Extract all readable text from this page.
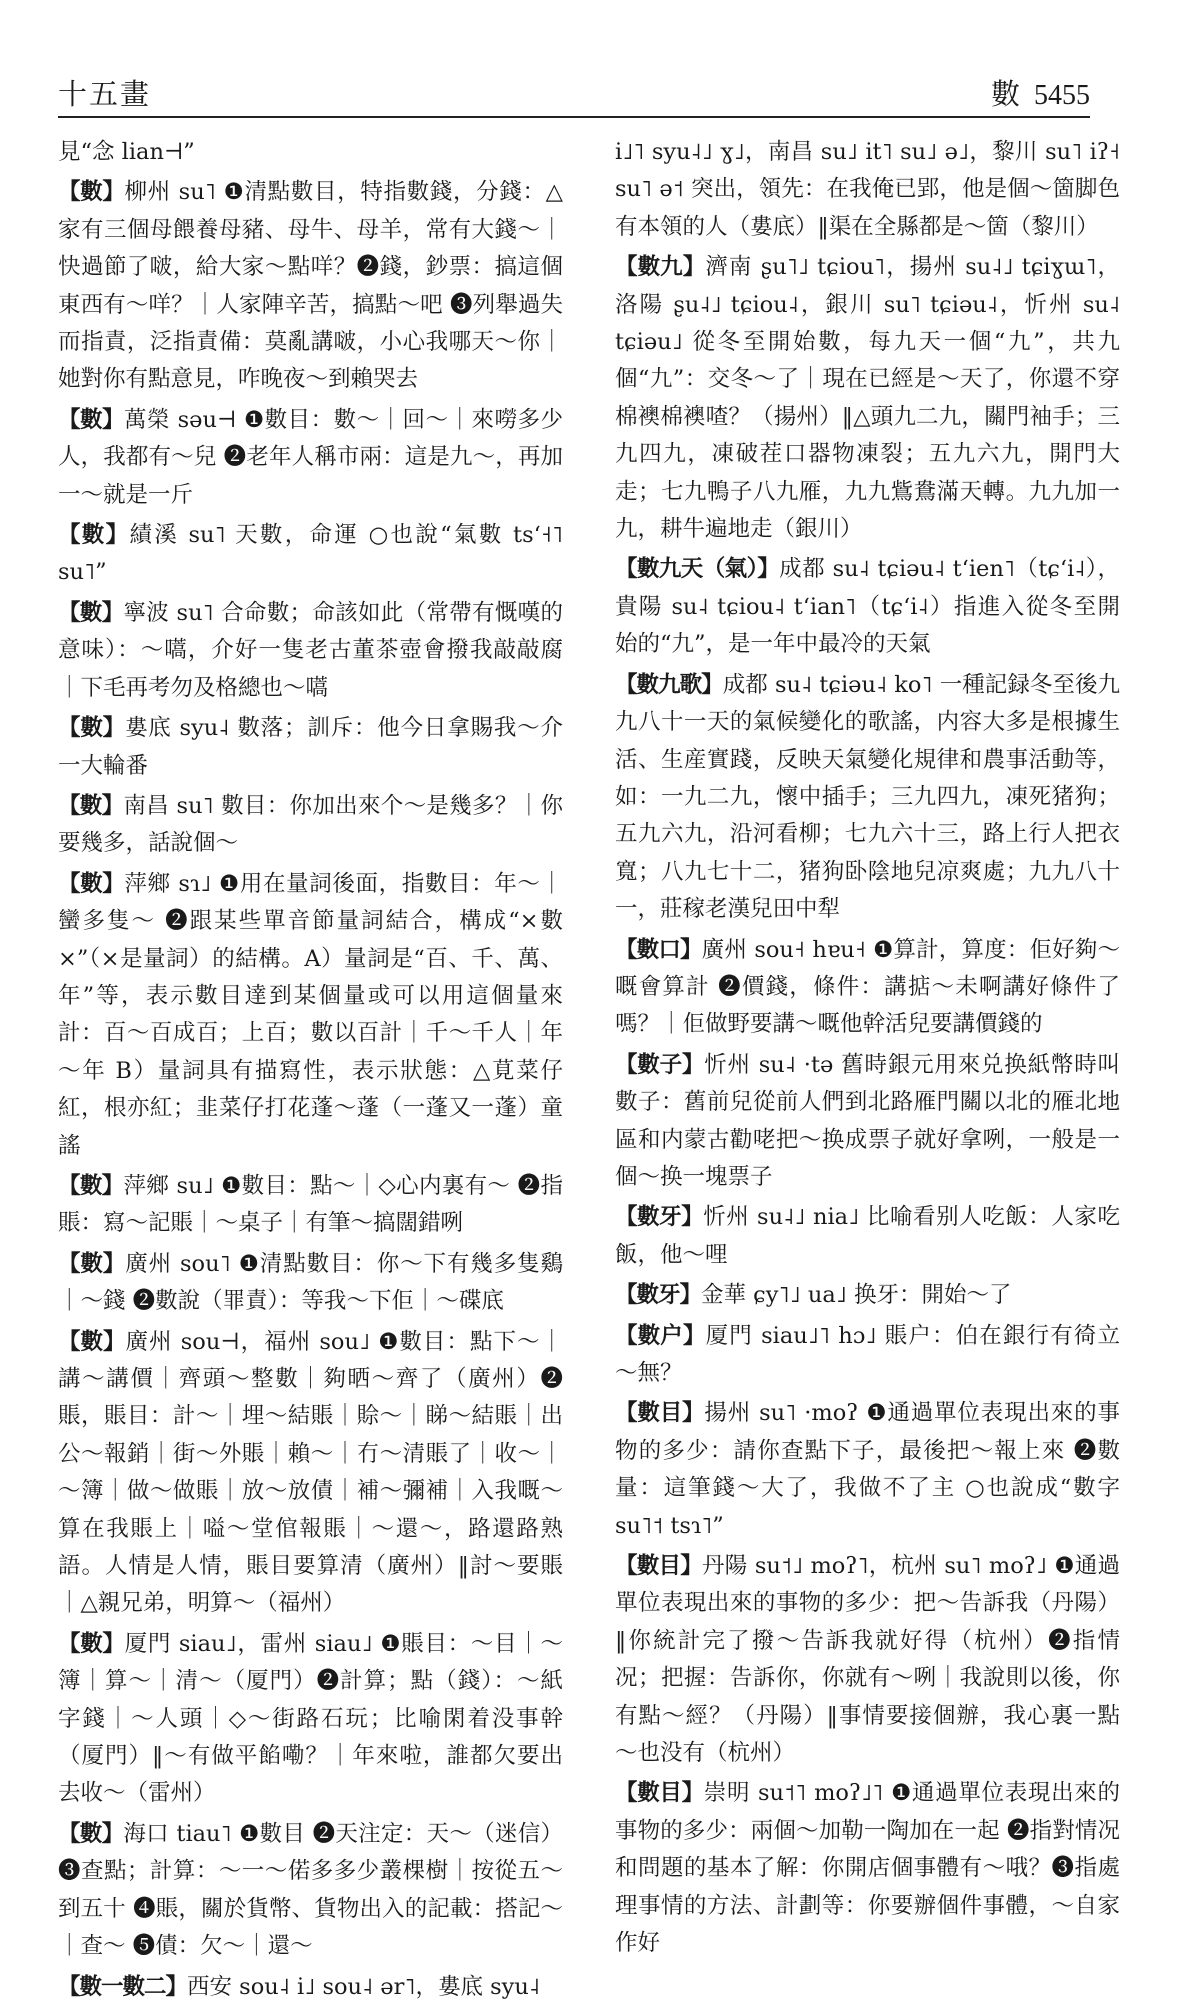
十五畫	數 5455

見“念 lian⊣”

【數】柳州 su˥ ❶清點數目，特指數錢，分錢：△家有三個母餵養母豬、母牛、母羊，常有大錢～｜快過節了啵，給大家～點咩？❷錢，鈔票：搞這個東西有～咩？｜人家陣辛苦，搞點～吧 ❸列舉過失而指責，泛指責備：莫亂講啵，小心我哪天～你｜她對你有點意見，咋晚夜～到賴哭去

【數】萬榮 səu⊣ ❶數目：數～｜回～｜來嘮多少人，我都有～兒 ❷老年人稱市兩：這是九～，再加一～就是一斤

【數】績溪 su˥ 天數，命運 ○也說“氣數 tsʻ˧˥ su˥”

【數】寧波 su˥ 合命數；命該如此（常帶有慨嘆的意味）：～嚆，介好一隻老古董茶壺會撥我敲敲腐｜下毛再考勿及格總也～嚆

【數】婁底 syu˨ 數落；訓斥：他今日拿賜我～介一大輪番

【數】南昌 su˥ 數目：你加出來个～是幾多？｜你要幾多，話說個～

【數】萍鄉 sɿ˩ ❶用在量詞後面，指數目：年～｜蠻多隻～ ❷跟某些單音節量詞結合，構成“×數×”（×是量詞）的結構。A）量詞是“百、千、萬、年”等，表示數目達到某個量或可以用這個量來計：百～百成百；上百；數以百計｜千～千人｜年～年 B）量詞具有描寫性，表示狀態：△莧菜仔紅，根亦紅；韭菜仔打花蓬～蓬（一蓬又一蓬）童謠

【數】萍鄉 su˩ ❶數目：點～｜◇心内裏有～ ❷指賬：寫～記賬｜～桌子｜有筆～搞闊錯咧

【數】廣州 sou˥ ❶清點數目：你～下有幾多隻鷄｜～錢 ❷數說（罪責）：等我～下佢｜～碟底

【數】廣州 sou⊣，福州 sou˩ ❶數目：點下～｜講～講價｜齊頭～整數｜夠晒～齊了（廣州）❷賬，賬目：計～｜埋～結賬｜賒～｜睇～結賬｜出公～報銷｜街～外賬｜賴～｜冇～清賬了｜收～｜～簿｜做～做賬｜放～放債｜補～彌補｜入我嘅～算在我賬上｜嗌～堂倌報賬｜～還～，路還路熟語。人情是人情，賬目要算清（廣州）‖討～要賬｜△親兄弟，明算～（福州）

【數】厦門 siau˩，雷州 siau˩ ❶賬目：～目｜～簿｜算～｜清～（厦門）❷計算；點（錢）：～紙字錢｜～人頭｜◇～街路石玩；比喻閑着没事幹（厦門）‖～有做平餡嘞？｜年來啦，誰都欠要出去收～（雷州）

【數】海口 tiau˥ ❶數目 ❷天注定：天～（迷信）❸查點；計算：～一～偌多多少叢棵樹｜按從五～到五十 ❹賬，關於貨幣、貨物出入的記載：搭記～｜查～ ❺債：欠～｜還～

【數一數二】西安 sou˨ i˩ sou˨ ər˥，婁底 syu˨

i˩˥ syu˨˩ ɣ˩，南昌 su˩ it˥ su˩ ə˩，黎川 su˥ iʔ˧ su˥ ə˦ 突出，領先：在我俺已郢，他是個～箇脚色有本領的人（婁底）‖渠在全縣都是～箇（黎川）

【數九】濟南 ʂu˥˩ tɕiou˥，揚州 su˨˩ tɕiɣɯ˥，洛陽 ʂu˨˩ tɕiou˨，銀川 su˥ tɕiəu˨，忻州 su˨ tɕiəu˩ 從冬至開始數，每九天一個“九”，共九個“九”：交冬～了｜現在已經是～天了，你還不穿棉襖棉襖喳？（揚州）‖△頭九二九，關門袖手；三九四九，凍破茬口器物凍裂；五九六九，開門大走；七九鴨子八九雁，九九鴜鴦滿天轉。九九加一九，耕牛遍地走（銀川）

【數九天（氣）】成都 su˨ tɕiəu˨ tʻien˥（tɕʻi˨），貴陽 su˨ tɕiou˨ tʻian˥（tɕʻi˨）指進入從冬至開始的“九”，是一年中最冷的天氣

【數九歌】成都 su˨ tɕiəu˨ ko˥ 一種記録冬至後九九八十一天的氣候變化的歌謠，内容大多是根據生活、生産實踐，反映天氣變化規律和農事活動等，如：一九二九，懷中插手；三九四九，凍死猪狗；五九六九，沿河看柳；七九六十三，路上行人把衣寬；八九七十二，猪狗卧陰地兒凉爽處；九九八十一，莊稼老漢兒田中犁

【數口】廣州 sou˧ hɐu˧ ❶算計，算度：佢好夠～嘅會算計 ❷價錢，條件：講掂～未啊講好條件了嗎？｜佢做野要講～嘅他幹活兒要講價錢的

【數子】忻州 su˨ ·tə 舊時銀元用來兑换紙幣時叫數子：舊前兒從前人們到北路雁門關以北的雁北地區和内蒙古勸咾把～换成票子就好拿咧，一般是一個～换一塊票子

【數牙】忻州 su˨˩ nia˩ 比喻看别人吃飯：人家吃飯，他～哩

【數牙】金華 ɕy˥˩ ua˩ 换牙：開始～了

【數户】厦門 siau˩˥ hɔ˩ 賬户：伯在銀行有徛立～無？

【數目】揚州 su˥ ·moʔ ❶通過單位表現出來的事物的多少：請你查點下子，最後把～報上來 ❷數量：這筆錢～大了，我做不了主 ○也說成“數字 su˥˦ tsɿ˥”

【數目】丹陽 su˦˩ moʔ˥，杭州 su˥ moʔ˩ ❶通過單位表現出來的事物的多少：把～告訴我（丹陽）‖你統計完了撥～告訴我就好得（杭州）❷指情况；把握：告訴你，你就有～咧｜我說則以後，你有點～經？（丹陽）‖事情要接個辦，我心裏一點～也没有（杭州）

【數目】崇明 su˦˥ moʔ˩˥ ❶通過單位表現出來的事物的多少：兩個～加勒一陶加在一起 ❷指對情况和問題的基本了解：你開店個事體有～哦？❸指處理事情的方法、計劃等：你要辦個件事體，～自家作好
